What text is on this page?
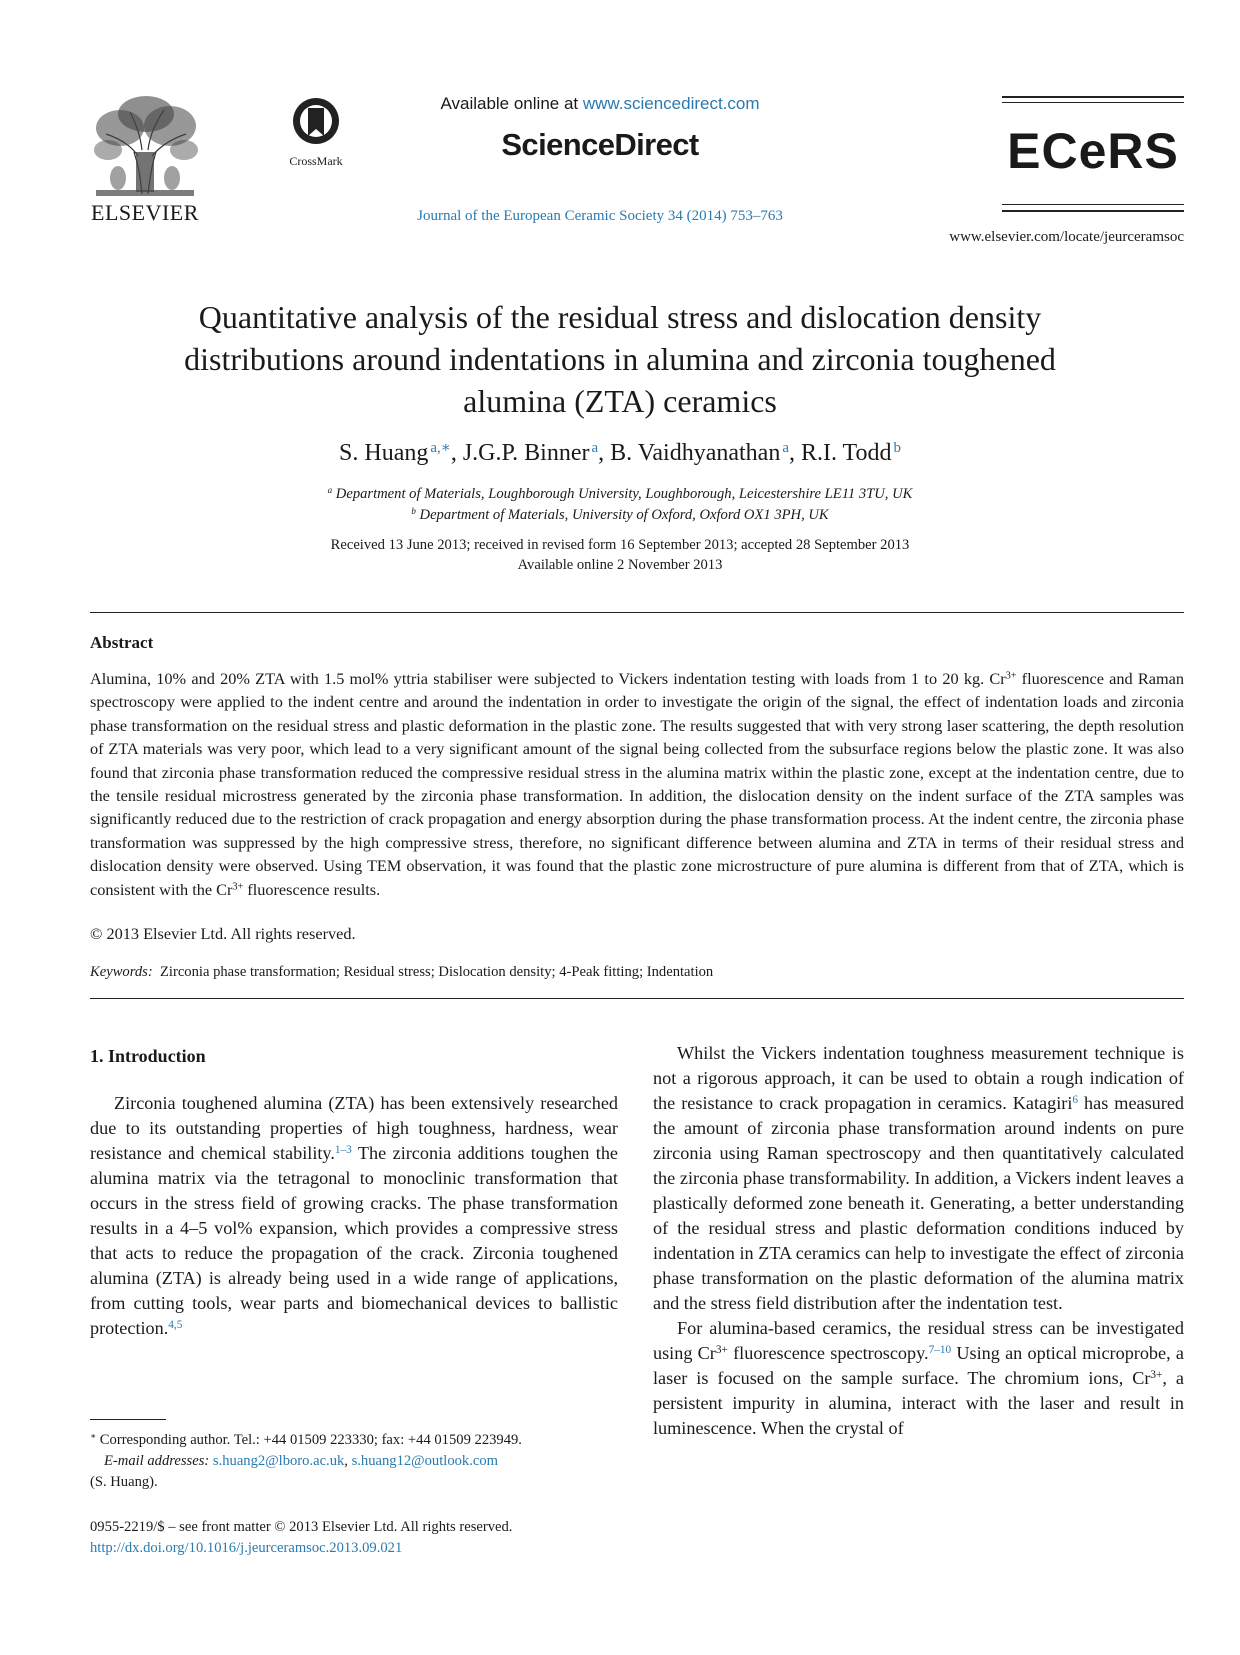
ELSEVIER
CrossMark
Available online at www.sciencedirect.com
ScienceDirect
Journal of the European Ceramic Society 34 (2014) 753–763
ECeRS
www.elsevier.com/locate/jeurceramsoc
Quantitative analysis of the residual stress and dislocation density distributions around indentations in alumina and zirconia toughened alumina (ZTA) ceramics
S. Huang  $^{a,∗}$, J.G.P. Binner  $^a$, B. Vaidhyanathan  $^a$, R.I. Todd  $^b$
$^a$ Department of Materials, Loughborough University, Loughborough, Leicestershire LE11 3TU, UK
$^b$ Department of Materials, University of Oxford, Oxford OX1 3PH, UK
Received 13 June 2013; received in revised form 16 September 2013; accepted 28 September 2013
Available online 2 November 2013
Abstract

Alumina, 10% and 20% ZTA with 1.5 mol% yttria stabiliser were subjected to Vickers indentation testing with loads from 1 to 20 kg. $Cr^{3+}$ fluorescence and Raman spectroscopy were applied to the indent centre and around the indentation in order to investigate the origin of the signal, the effect of indentation loads and zirconia phase transformation on the residual stress and plastic deformation in the plastic zone. The results suggested that with very strong laser scattering, the depth resolution of ZTA materials was very poor, which lead to a very significant amount of the signal being collected from the subsurface regions below the plastic zone. It was also found that zirconia phase transformation reduced the compressive residual stress in the alumina matrix within the plastic zone, except at the indentation centre, due to the tensile residual microstress generated by the zirconia phase transformation. In addition, the dislocation density on the indent surface of the ZTA samples was significantly reduced due to the restriction of crack propagation and energy absorption during the phase transformation process. At the indent centre, the zirconia phase transformation was suppressed by the high compressive stress, therefore, no significant difference between alumina and ZTA in terms of their residual stress and dislocation density were observed. Using TEM observation, it was found that the plastic zone microstructure of pure alumina is different from that of ZTA, which is consistent with the $Cr^{3+}$ fluorescence results.

© 2013 Elsevier Ltd. All rights reserved.
Keywords: Zirconia phase transformation; Residual stress; Dislocation density; 4-Peak fitting; Indentation
1. Introduction

Zirconia toughened alumina (ZTA) has been extensively researched due to its outstanding properties of high toughness, hardness, wear resistance and chemical stability.$^{1-3}$ The zirconia additions toughen the alumina matrix via the tetragonal to monoclinic transformation that occurs in the stress field of growing cracks. The phase transformation results in a 4–5 vol% expansion, which provides a compressive stress that acts to reduce the propagation of the crack. Zirconia toughened alumina (ZTA) is already being used in a wide range of applications, from cutting tools, wear parts and biomechanical devices to ballistic protection.$^{4,5}$

Whilst the Vickers indentation toughness measurement technique is not a rigorous approach, it can be used to obtain a rough indication of the resistance to crack propagation in ceramics. Katagiri$^6$ has measured the amount of zirconia phase transformation around indents on pure zirconia using Raman spectroscopy and then quantitatively calculated the zirconia phase transformability. In addition, a Vickers indent leaves a plastically deformed zone beneath it. Generating, a better understanding of the residual stress and plastic deformation conditions induced by indentation in ZTA ceramics can help to investigate the effect of zirconia phase transformation on the plastic deformation of the alumina matrix and the stress field distribution after the indentation test.

For alumina-based ceramics, the residual stress can be investigated using $Cr^{3+}$ fluorescence spectroscopy.$^{7-10}$ Using an optical microprobe, a laser is focused on the sample surface. The chromium ions, $Cr^{3+}$, a persistent impurity in alumina, interact with the laser and result in luminescence. When the crystal of

∗ Corresponding author. Tel.: +44 01509 223330; fax: +44 01509 223949.
E-mail addresses: s.huang2@lboro.ac.uk, s.huang12@outlook.com
(S. Huang).
0955-2219/$ – see front matter © 2013 Elsevier Ltd. All rights reserved.
http://dx.doi.org/10.1016/j.jeurceramsoc.2013.09.021
